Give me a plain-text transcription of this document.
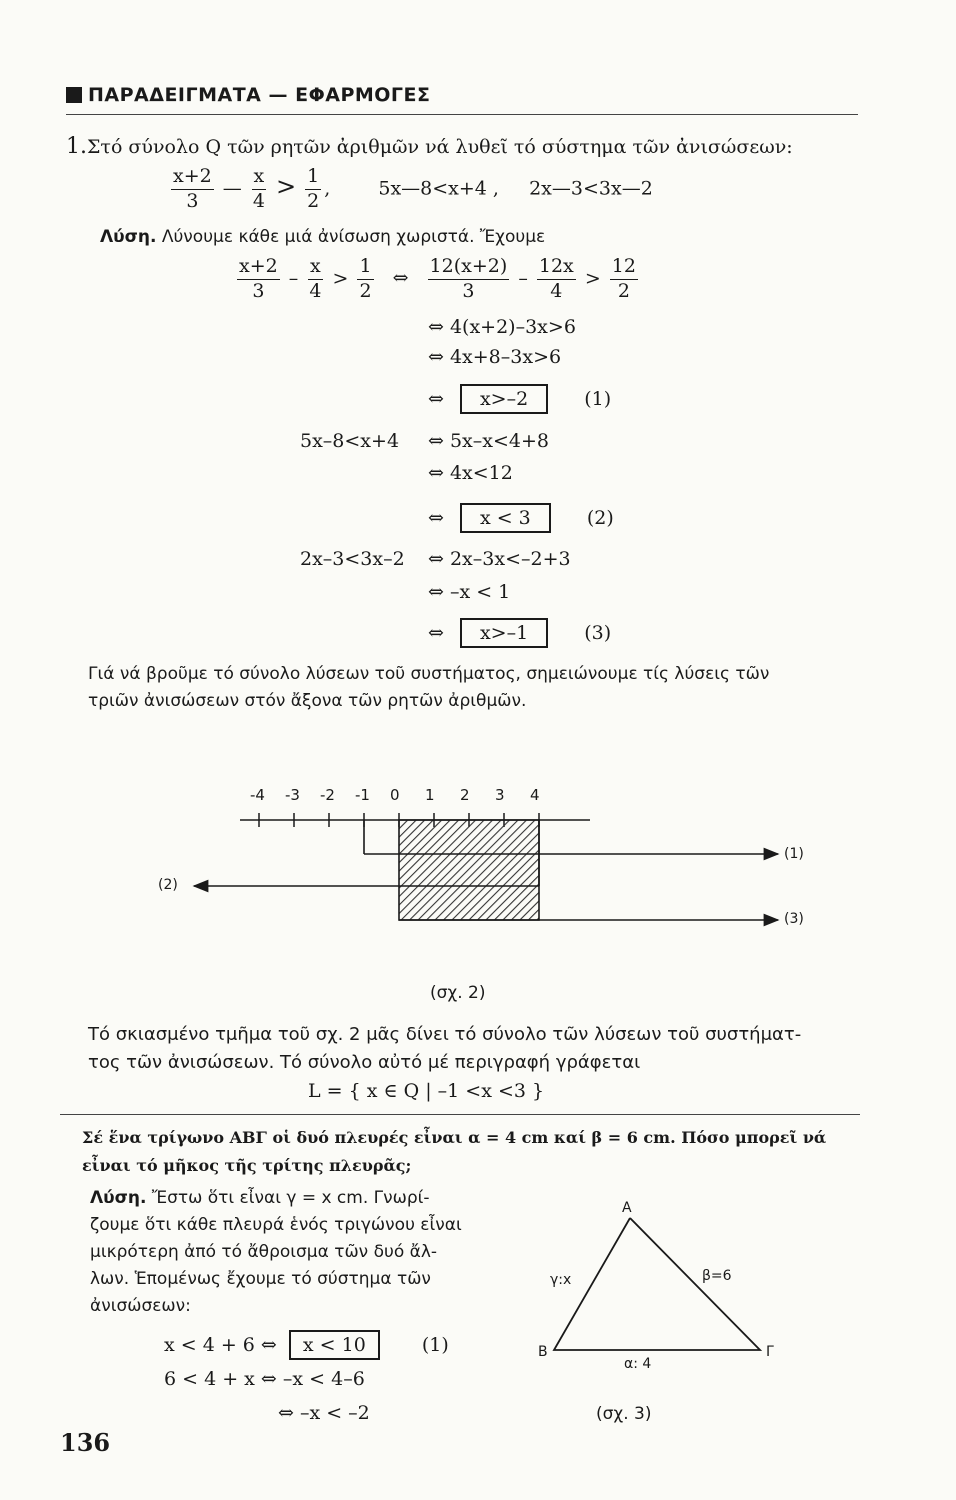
ΠΑΡΑΔΕΙΓΜΑΤΑ — ΕΦΑΡΜΟΓΕΣ
1.Στό σύνολο Q τῶν ρητῶν ἀριθμῶν νά λυθεῖ τό σύστημα τῶν ἀνισώσεων:
$\frac{x+2}{3}$ — $\frac{x}{4} > \frac{1}{2}$ ,	5x—8<x+4 , 2x—3<3x—2
Λύση. Λύνουμε κάθε μιά ἀνίσωση χωριστά. Ἔχουμε
$\frac{x+2}{3} - \frac{x}{4} > \frac{1}{2}$ ⇔ $\frac{12(x+2)}{3} - \frac{12x}{4} > \frac{12}{2}$
⇔ 4(x+2)–3x>6
⇔ 4x+8–3x>6
⇔ x>–2	(1)
5x–8<x+4 ⇔ 5x–x<4+8
⇔ 4x<12
⇔ x < 3	(2)
2x–3<3x–2 ⇔ 2x–3x<–2+3
⇔ –x < 1
⇔ x>–1	(3)
Γιά νά βροῦμε τό σύνολο λύσεων τοῦ συστήματος, σημειώνουμε τίς λύσεις τῶν
τριῶν ἀνισώσεων στόν ἄξονα τῶν ρητῶν ἀριθμῶν.
-4 -3 -2 -1 0 1 2 3 4
(1)
(2)
(3)
(σχ. 2)
Τό σκιασμένο τμῆμα τοῦ σχ. 2 μᾶς δίνει τό σύνολο τῶν λύσεων τοῦ συστήματ-
τος τῶν ἀνισώσεων. Τό σύνολο αὐτό μέ περιγραφή γράφεται
L = { x ∈ Q | –1 <x <3 }
Σέ ἕνα τρίγωνο ΑΒΓ οἱ δυό πλευρές εἶναι α = 4 cm καί β = 6 cm. Πόσο μπορεῖ νά
εἶναι τό μῆκος τῆς τρίτης πλευρᾶς;
Λύση. Ἔστω ὅτι εἶναι γ = x cm. Γνωρί-
ζουμε ὅτι κάθε πλευρά ἑνός τριγώνου εἶναι
μικρότερη ἀπό τό ἄθροισμα τῶν δυό ἄλ-
λων. Ἑπομένως ἔχουμε τό σύστημα τῶν
ἀνισώσεων:
x < 4 + 6 ⇔ x < 10	(1)
6 < 4 + x ⇔ –x < 4–6
⇔ –x < –2
A
B	Γ
γ:x	β=6
α: 4
(σχ. 3)
136
